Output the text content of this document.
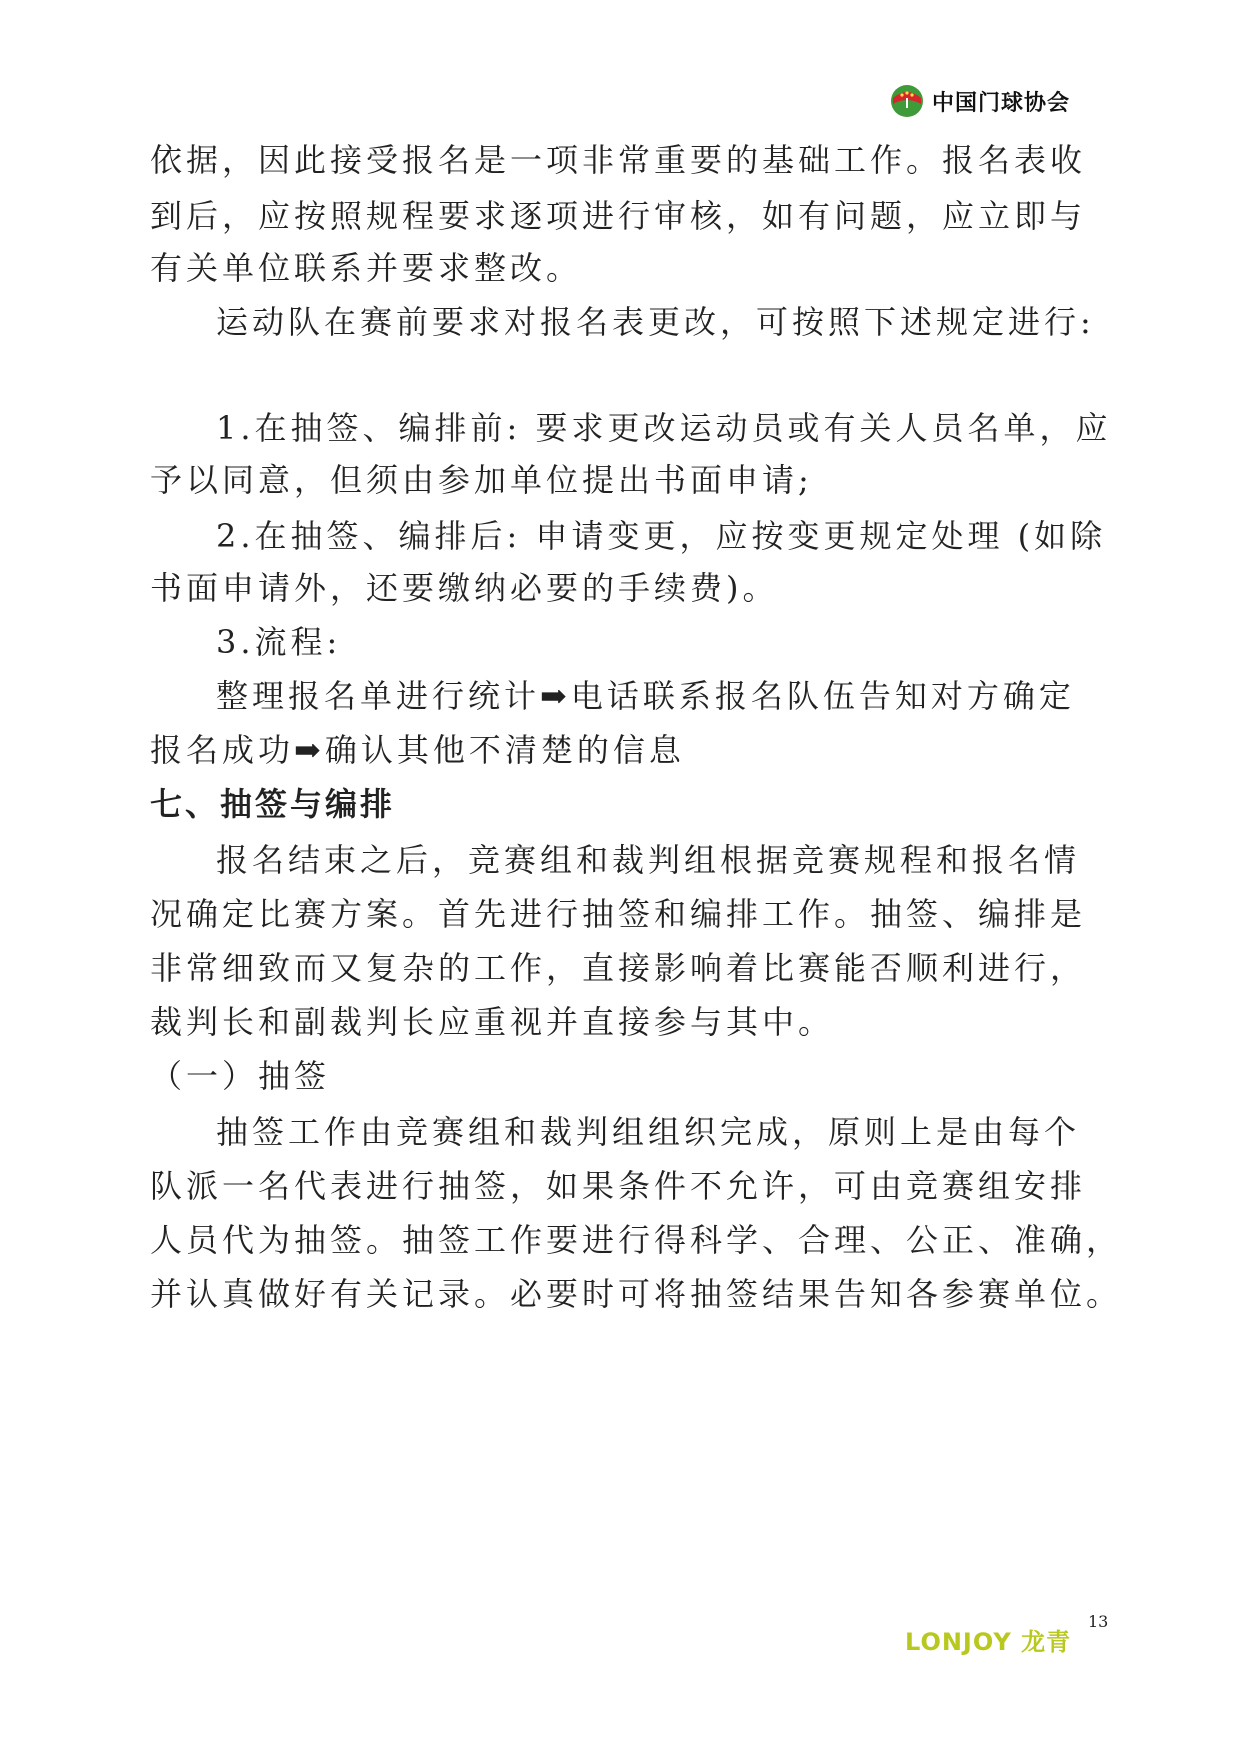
中国门球协会
依据，因此接受报名是一项非常重要的基础工作。报名表收
到后，应按照规程要求逐项进行审核，如有问题，应立即与
有关单位联系并要求整改。
运动队在赛前要求对报名表更改，可按照下述规定进行:
1.在抽签、编排前: 要求更改运动员或有关人员名单，应
予以同意，但须由参加单位提出书面申请;
2.在抽签、编排后: 申请变更，应按变更规定处理 (如除
书面申请外，还要缴纳必要的手续费)。
3.流程:
整理报名单进行统计➡电话联系报名队伍告知对方确定
报名成功➡确认其他不清楚的信息
七、抽签与编排
报名结束之后，竞赛组和裁判组根据竞赛规程和报名情
况确定比赛方案。首先进行抽签和编排工作。抽签、编排是
非常细致而又复杂的工作，直接影响着比赛能否顺利进行，
裁判长和副裁判长应重视并直接参与其中。
（一）抽签
抽签工作由竞赛组和裁判组组织完成，原则上是由每个
队派一名代表进行抽签，如果条件不允许，可由竞赛组安排
人员代为抽签。抽签工作要进行得科学、合理、公正、准确，
并认真做好有关记录。必要时可将抽签结果告知各参赛单位。
LONJOY 龙青
13
